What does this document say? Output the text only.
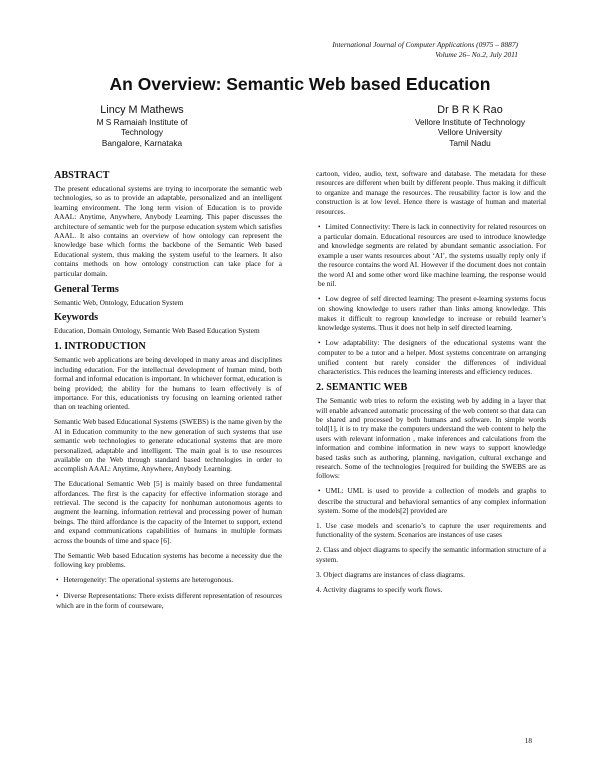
International Journal of Computer Applications (0975 – 8887)
Volume 26– No.2, July 2011
An Overview: Semantic Web based Education
Lincy M Mathews
M S Ramaiah Institute of
Technology
Bangalore, Karnataka
Dr B R K Rao
Vellore Institute of Technology
Vellore University
Tamil Nadu
ABSTRACT

The present educational systems are trying to incorporate the semantic web technologies, so as to provide an adaptable, personalized and an intelligent learning environment. The long term vision of Education is to provide AAAL: Anytime, Anywhere, Anybody Learning. This paper discusses the architecture of semantic web for the purpose education system which satisfies AAAL. It also contains an overview of how ontology can represent the knowledge base which forms the backbone of the Semantic Web based Educational system, thus making the system useful to the learners. It also contains methods on how ontology construction can take place for a particular domain.

General Terms

Semantic Web, Ontology, Education System

Keywords

Education, Domain Ontology, Semantic Web Based Education System

1. INTRODUCTION

Semantic web applications are being developed in many areas and disciplines including education. For the intellectual development of human mind, both formal and informal education is important. In whichever format, education is being provided; the ability for the humans to learn effectively is of importance. For this, educationists try focusing on learning oriented rather than on teaching oriented.

Semantic Web based Educational Systems (SWEBS) is the name given by the AI in Education community to the new generation of such systems that use semantic web technologies to generate educational systems that are more personalized, adaptable and intelligent. The main goal is to use resources available on the Web through standard based technologies in order to accomplish AAAL: Anytime, Anywhere, Anybody Learning.

The Educational Semantic Web [5] is mainly based on three fundamental affordances. The first is the capacity for effective information storage and retrieval. The second is the capacity for nonhuman autonomous agents to augment the learning, information retrieval and processing power of human beings. The third affordance is the capacity of the Internet to support, extend and expand communications capabilities of humans in multiple formats across the bounds of time and space [6].

The Semantic Web based Education systems has become a necessity due the following key problems.

• Heterogeneity: The operational systems are heterogonous.

• Diverse Representations: There exists different representation of resources which are in the form of courseware,

cartoon, video, audio, text, software and database. The metadata for these resources are different when built by different people. Thus making it difficult to organize and manage the resources. The reusability factor is low and the construction is at low level. Hence there is wastage of human and material resources.

• Limited Connectivity: There is lack in connectivity for related resources on a particular domain. Educational resources are used to introduce knowledge and knowledge segments are related by abundant semantic association. For example a user wants resources about ‘AI’, the systems usually reply only if the resource contains the word AI. However if the document does not contain the word AI and some other word like machine learning, the response would be nil.

• Low degree of self directed learning: The present e-learning systems focus on showing knowledge to users rather than links among knowledge. This makes it difficult to regroup knowledge to increase or rebuild learner’s knowledge systems. Thus it does not help in self directed learning.

• Low adaptability: The designers of the educational systems want the computer to be a tutor and a helper. Most systems concentrate on arranging unified content but rarely consider the differences of individual characteristics. This reduces the learning interests and efficiency reduces.

2. SEMANTIC WEB

The Semantic web tries to reform the existing web by adding in a layer that will enable advanced automatic processing of the web content so that data can be shared and processed by both humans and software. In simple words told[1], it is to try make the computers understand the web content to help the users with relevant information , make inferences and calculations from the information and combine information in new ways to support knowledge based tasks such as authoring, planning, navigation, cultural exchange and research. Some of the technologies [required for building the SWEBS are as follows:

• UML: UML is used to provide a collection of models and graphs to describe the structural and behavioral semantics of any complex information system. Some of the models[2] provided are

1. Use case models and scenario’s to capture the user requirements and functionality of the system. Scenarios are instances of use cases

2. Class and object diagrams to specify the semantic information structure of a system.

3. Object diagrams are instances of class diagrams.

4. Activity diagrams to specify work flows.

18
